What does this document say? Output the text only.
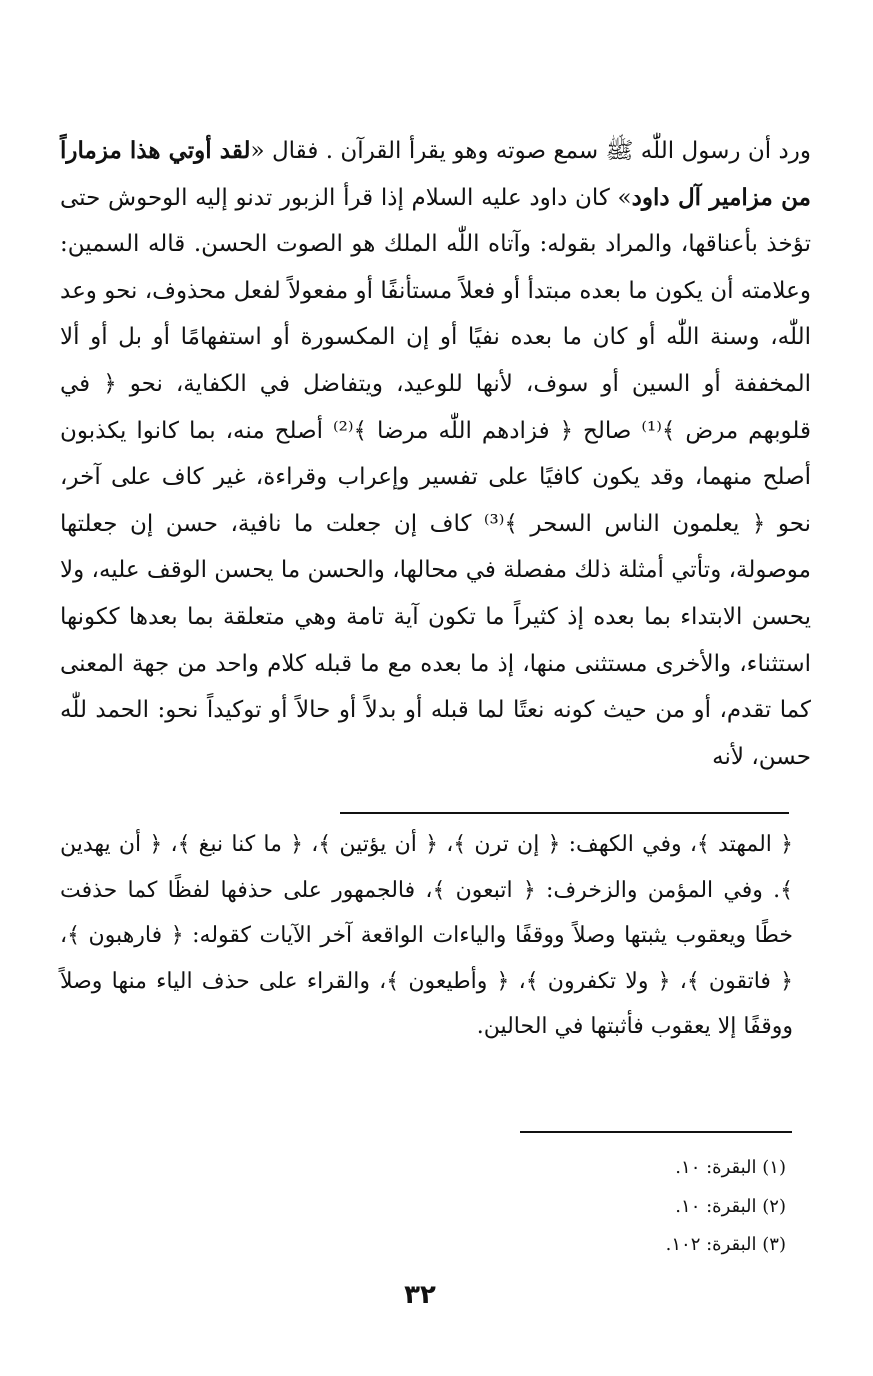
ورد أن رسول اللّٰه ﷺ سمع صوته وهو يقرأ القرآن . فقال «لقد أوتي هذا مزماراً من مزامير آل داود» كان داود عليه السلام إذا قرأ الزبور تدنو إليه الوحوش حتى تؤخذ بأعناقها، والمراد بقوله: وآتاه اللّٰه الملك هو الصوت الحسن. قاله السمين: وعلامته أن يكون ما بعده مبتدأ أو فعلاً مستأنفًا أو مفعولاً لفعل محذوف، نحو وعد اللّٰه، وسنة اللّٰه أو كان ما بعده نفيًا أو إن المكسورة أو استفهامًا أو بل أو ألا المخففة أو السين أو سوف، لأنها للوعيد، ويتفاضل في الكفاية، نحو ﴿ في قلوبهم مرض ﴾⁽¹⁾ صالح ﴿ فزادهم اللّٰه مرضا ﴾⁽²⁾ أصلح منه، بما كانوا يكذبون أصلح منهما، وقد يكون كافيًا على تفسير وإعراب وقراءة، غير كاف على آخر، نحو ﴿ يعلمون الناس السحر ﴾⁽³⁾ كاف إن جعلت ما نافية، حسن إن جعلتها موصولة، وتأتي أمثلة ذلك مفصلة في محالها، والحسن ما يحسن الوقف عليه، ولا يحسن الابتداء بما بعده إذ كثيراً ما تكون آية تامة وهي متعلقة بما بعدها ككونها استثناء، والأخرى مستثنى منها، إذ ما بعده مع ما قبله كلام واحد من جهة المعنى كما تقدم، أو من حيث كونه نعتًا لما قبله أو بدلاً أو حالاً أو توكيداً نحو: الحمد للّٰه حسن، لأنه

﴿ المهتد ﴾، وفي الكهف: ﴿ إن ترن ﴾، ﴿ أن يؤتين ﴾، ﴿ ما كنا نبغ ﴾، ﴿ أن يهدين ﴾. وفي المؤمن والزخرف: ﴿ اتبعون ﴾، فالجمهور على حذفها لفظًا كما حذفت خطًا ويعقوب يثبتها وصلاً ووقفًا والياءات الواقعة آخر الآيات كقوله: ﴿ فارهبون ﴾، ﴿ فاتقون ﴾، ﴿ ولا تكفرون ﴾، ﴿ وأطيعون ﴾، والقراء على حذف الياء منها وصلاً ووقفًا إلا يعقوب فأثبتها في الحالين.

(١) البقرة: ١٠.
(٢) البقرة: ١٠.
(٣) البقرة: ١٠٢.
٣٢
